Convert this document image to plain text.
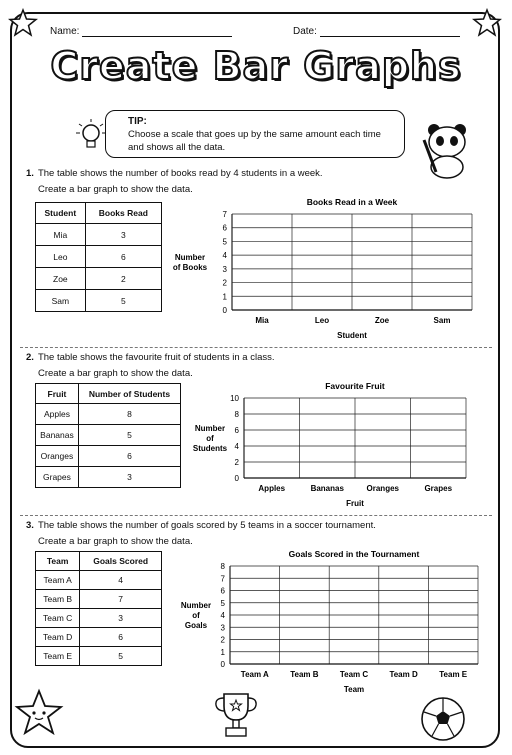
Name:	Date:
Create Bar Graphs
TIP:
Choose a scale that goes up by the same amount each time and shows all the data.
1. The table shows the number of books read by 4 students in a week.
Create a bar graph to show the data.
Student	Books Read
Mia	3
Leo	6
Zoe	2
Sam	5
Books Read in a Week
0
1
2
3
4
5
6
7
Mia	Leo	Zoe	Sam
Student
Number
of Books
2. The table shows the favourite fruit of students in a class.
Create a bar graph to show the data.
Fruit	Number of Students
Apples	8
Bananas	5
Oranges	6
Grapes	3
Favourite Fruit
0
2
4
6
8
10
Apples	Bananas	Oranges	Grapes
Fruit
Number
of
Students
3. The table shows the number of goals scored by 5 teams in a soccer tournament.
Create a bar graph to show the data.
Team	Goals Scored
Team A	4
Team B	7
Team C	3
Team D	6
Team E	5
Goals Scored in the Tournament
0
1
2
3
4
5
6
7
8
Team A	Team B	Team C	Team D	Team E
Team
Number
of
Goals
